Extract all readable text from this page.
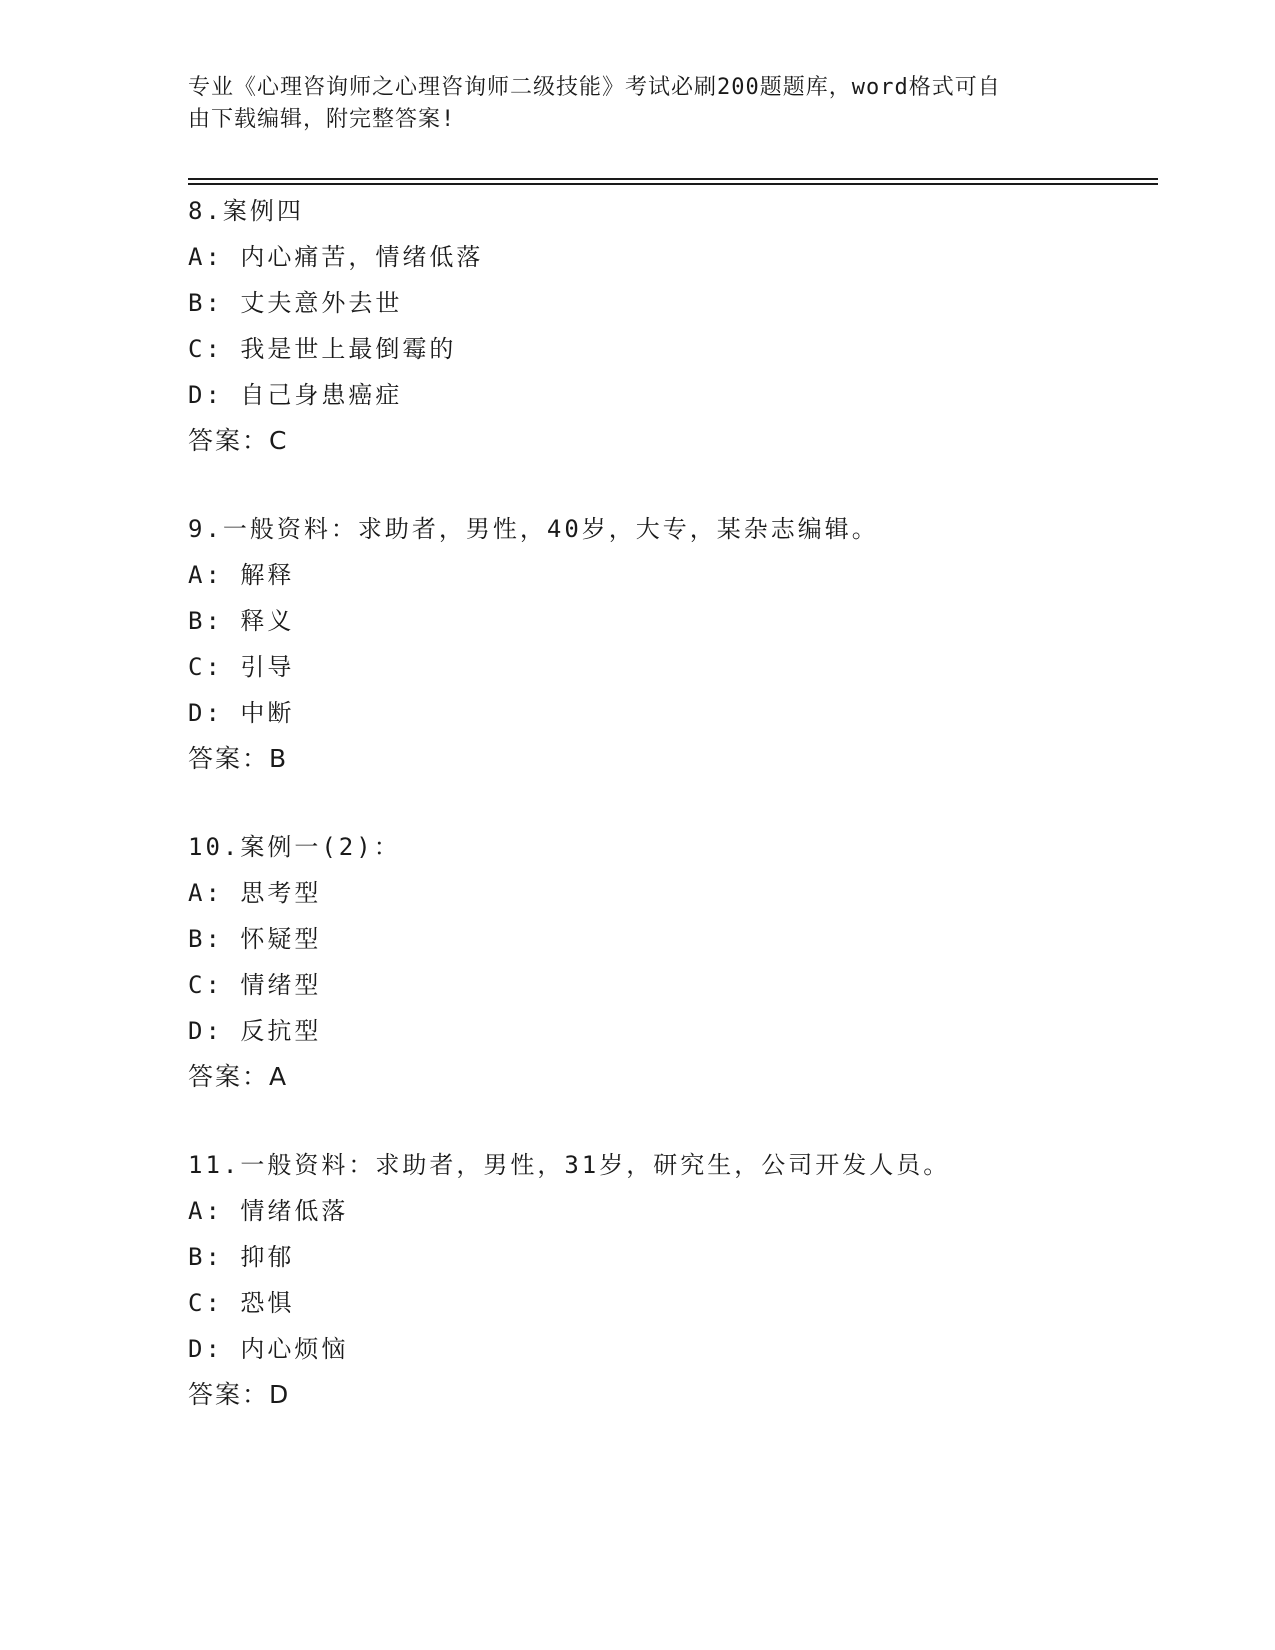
专业《心理咨询师之心理咨询师二级技能》考试必刷200题题库，word格式可自
由下载编辑，附完整答案!
8.案例四
A: 内心痛苦，情绪低落
B: 丈夫意外去世
C: 我是世上最倒霉的
D: 自己身患癌症
答案：C
9.一般资料：求助者，男性，40岁，大专，某杂志编辑。
A: 解释
B: 释义
C: 引导
D: 中断
答案：B
10.案例一(2)：
A: 思考型
B: 怀疑型
C: 情绪型
D: 反抗型
答案：A
11.一般资料：求助者，男性，31岁，研究生，公司开发人员。
A: 情绪低落
B: 抑郁
C: 恐惧
D: 内心烦恼
答案：D
